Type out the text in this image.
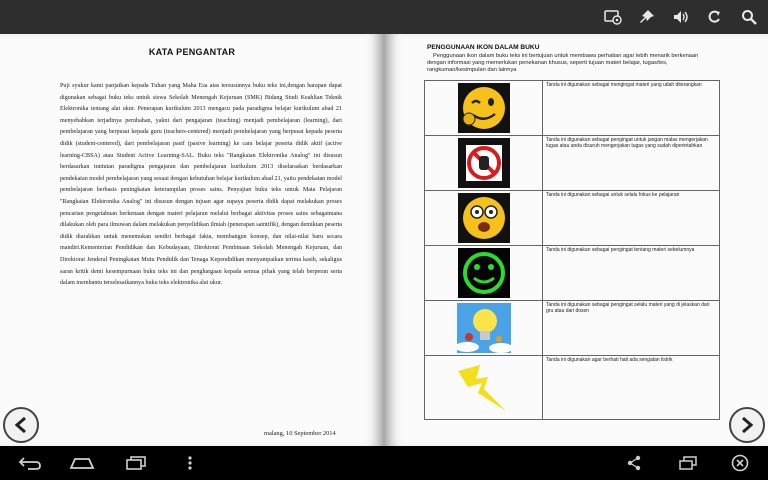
KATA PENGANTAR
Puji syukur kami panjatkan kepada Tuhan yang Maha Esa atas tersusunnya buku teks ini,dengan harapan dapat digunakan sebagai buku teks untuk siswa Sekolah Menengah Kejuruan (SMK) Bidang Studi Keahlian Teknik Elektronika tentang alat ukur. Penerapan kurikulum 2013 mengacu pada paradigma belajar kurikulum abad 21 menyebabkan terjadinya perubahan, yakni dari pengajaran (teaching) menjadi pembelajaran (learning), dari pembelajaran yang berpusat kepada guru (teachers-centered) menjadi pembelajaran yang berpusat kepada peserta didik (student-centered), dari pembelajaran pasif (pasive learning) ke cara belajar peserta didik aktif (active learning-CBSA) atau Student Active Learning-SAL. Buku teks "Rangkaian Elektronika Analog" ini disusun berdasarkan tuntutan paradigma pengajaran dan pembelajaran kurikulum 2013 diselaraskan berdasarkan pendekatan model pembelajaran yang sesuai dengan kebutuhan belajar kurikulum abad 21, yaitu pendekatan model pembelajaran berbasis peningkatan keterampilan proses sains. Penyajian buku teks untuk Mata Pelajaran "Rangkaian Elektronika Analog" ini disusun dengan tujuan agar supaya peserta didik dapat melakukan proses pencarian pengetahuan berkenaan dengan materi pelajaran melalui berbagai aktivitas proses sains sebagaimana dilakukan oleh para ilmuwan dalam melakukan penyelidikan ilmiah (penerapan saintifik), dengan demikian peserta didik diarahkan untuk menemukan sendiri berbagai fakta, membangun konsep, dan nilai-nilai baru secara mandiri.Kementerian Pendidikan dan Kebudayaan, Direktorat Pembinaan Sekolah Menengah Kejuruan, dan Direktorat Jenderal Peningkatan Mutu Pendidik dan Tenaga Kependidikan menyampaikan terima kasih, sekaligus saran kritik demi kesempurnaan buku teks ini dan penghargaan kepada semua pihak yang telah berperan serta dalam membantu terselesaikannya buku teks elektronika alat ukur.
malang, 10 September 2014
PENGGUNAAN IKON DALAM BUKU
Penggunaan ikon dalam buku teks ini bertujuan untuk membawa perhatian agar lebih menarik berkenaan dengan informasi yang memerlukan penekanan khusus, seperti tujuan materi belajar, tugas/tes, rangkuman/kesimpulan dan lainnya
	Tanda ini digunakan sebagai mengingat materi yang udah diterangkan

	Tanda ini digunakan sebagai pengingat untuk jangan malas mengerjakan tugas atau anda disuruh mengerjakan tugas yang sudah diperintahkan

	Tanda ini digunakan sebagai untuk selalu fokus ke pelajaran

	Tanda ini digunakan sebagai pengingat tentang materi sebelumnya

	Tanda ini digunakan sebagai pengingat selalu materi yang di jelaskan dari gru atau dari dosen

	Tanda ini digunakan agar berhati hati ada sengatan listrik
